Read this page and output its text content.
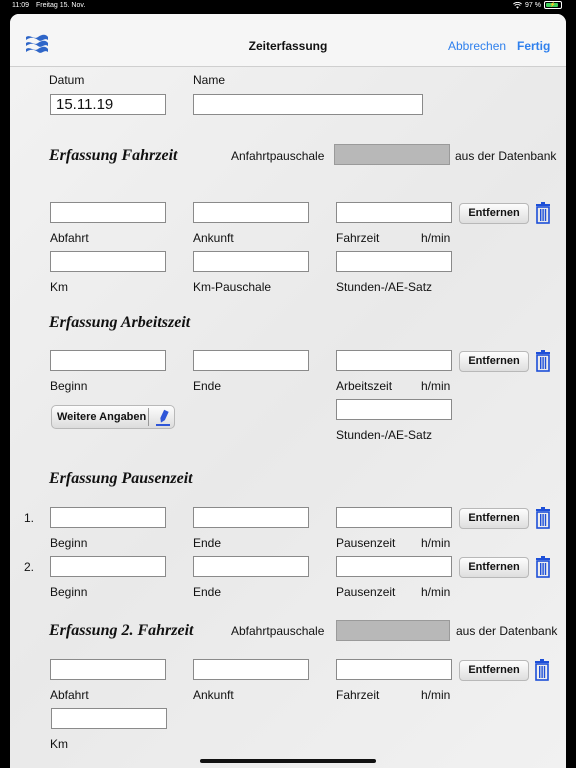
11:09 Freitag 15. Nov.	97 %	⚡
Zeiterfassung	Abbrechen Fertig
Datum	Name
15.11.19
Erfassung Fahrzeit	Anfahrtpauschale	aus der Datenbank
Entfernen
Abfahrt	Ankunft	Fahrzeit	h/min
Km	Km-Pauschale	Stunden-/AE-Satz
Erfassung Arbeitszeit
Entfernen
Beginn	Ende	Arbeitszeit h/min
Weitere Angaben
Stunden-/AE-Satz
Erfassung Pausenzeit
1.	Entfernen
Beginn	Ende	Pausenzeit h/min
2.	Entfernen
Beginn	Ende	Pausenzeit h/min
Erfassung 2. Fahrzeit	Abfahrtpauschale	aus der Datenbank
Entfernen
Abfahrt	Ankunft	Fahrzeit	h/min
Km
